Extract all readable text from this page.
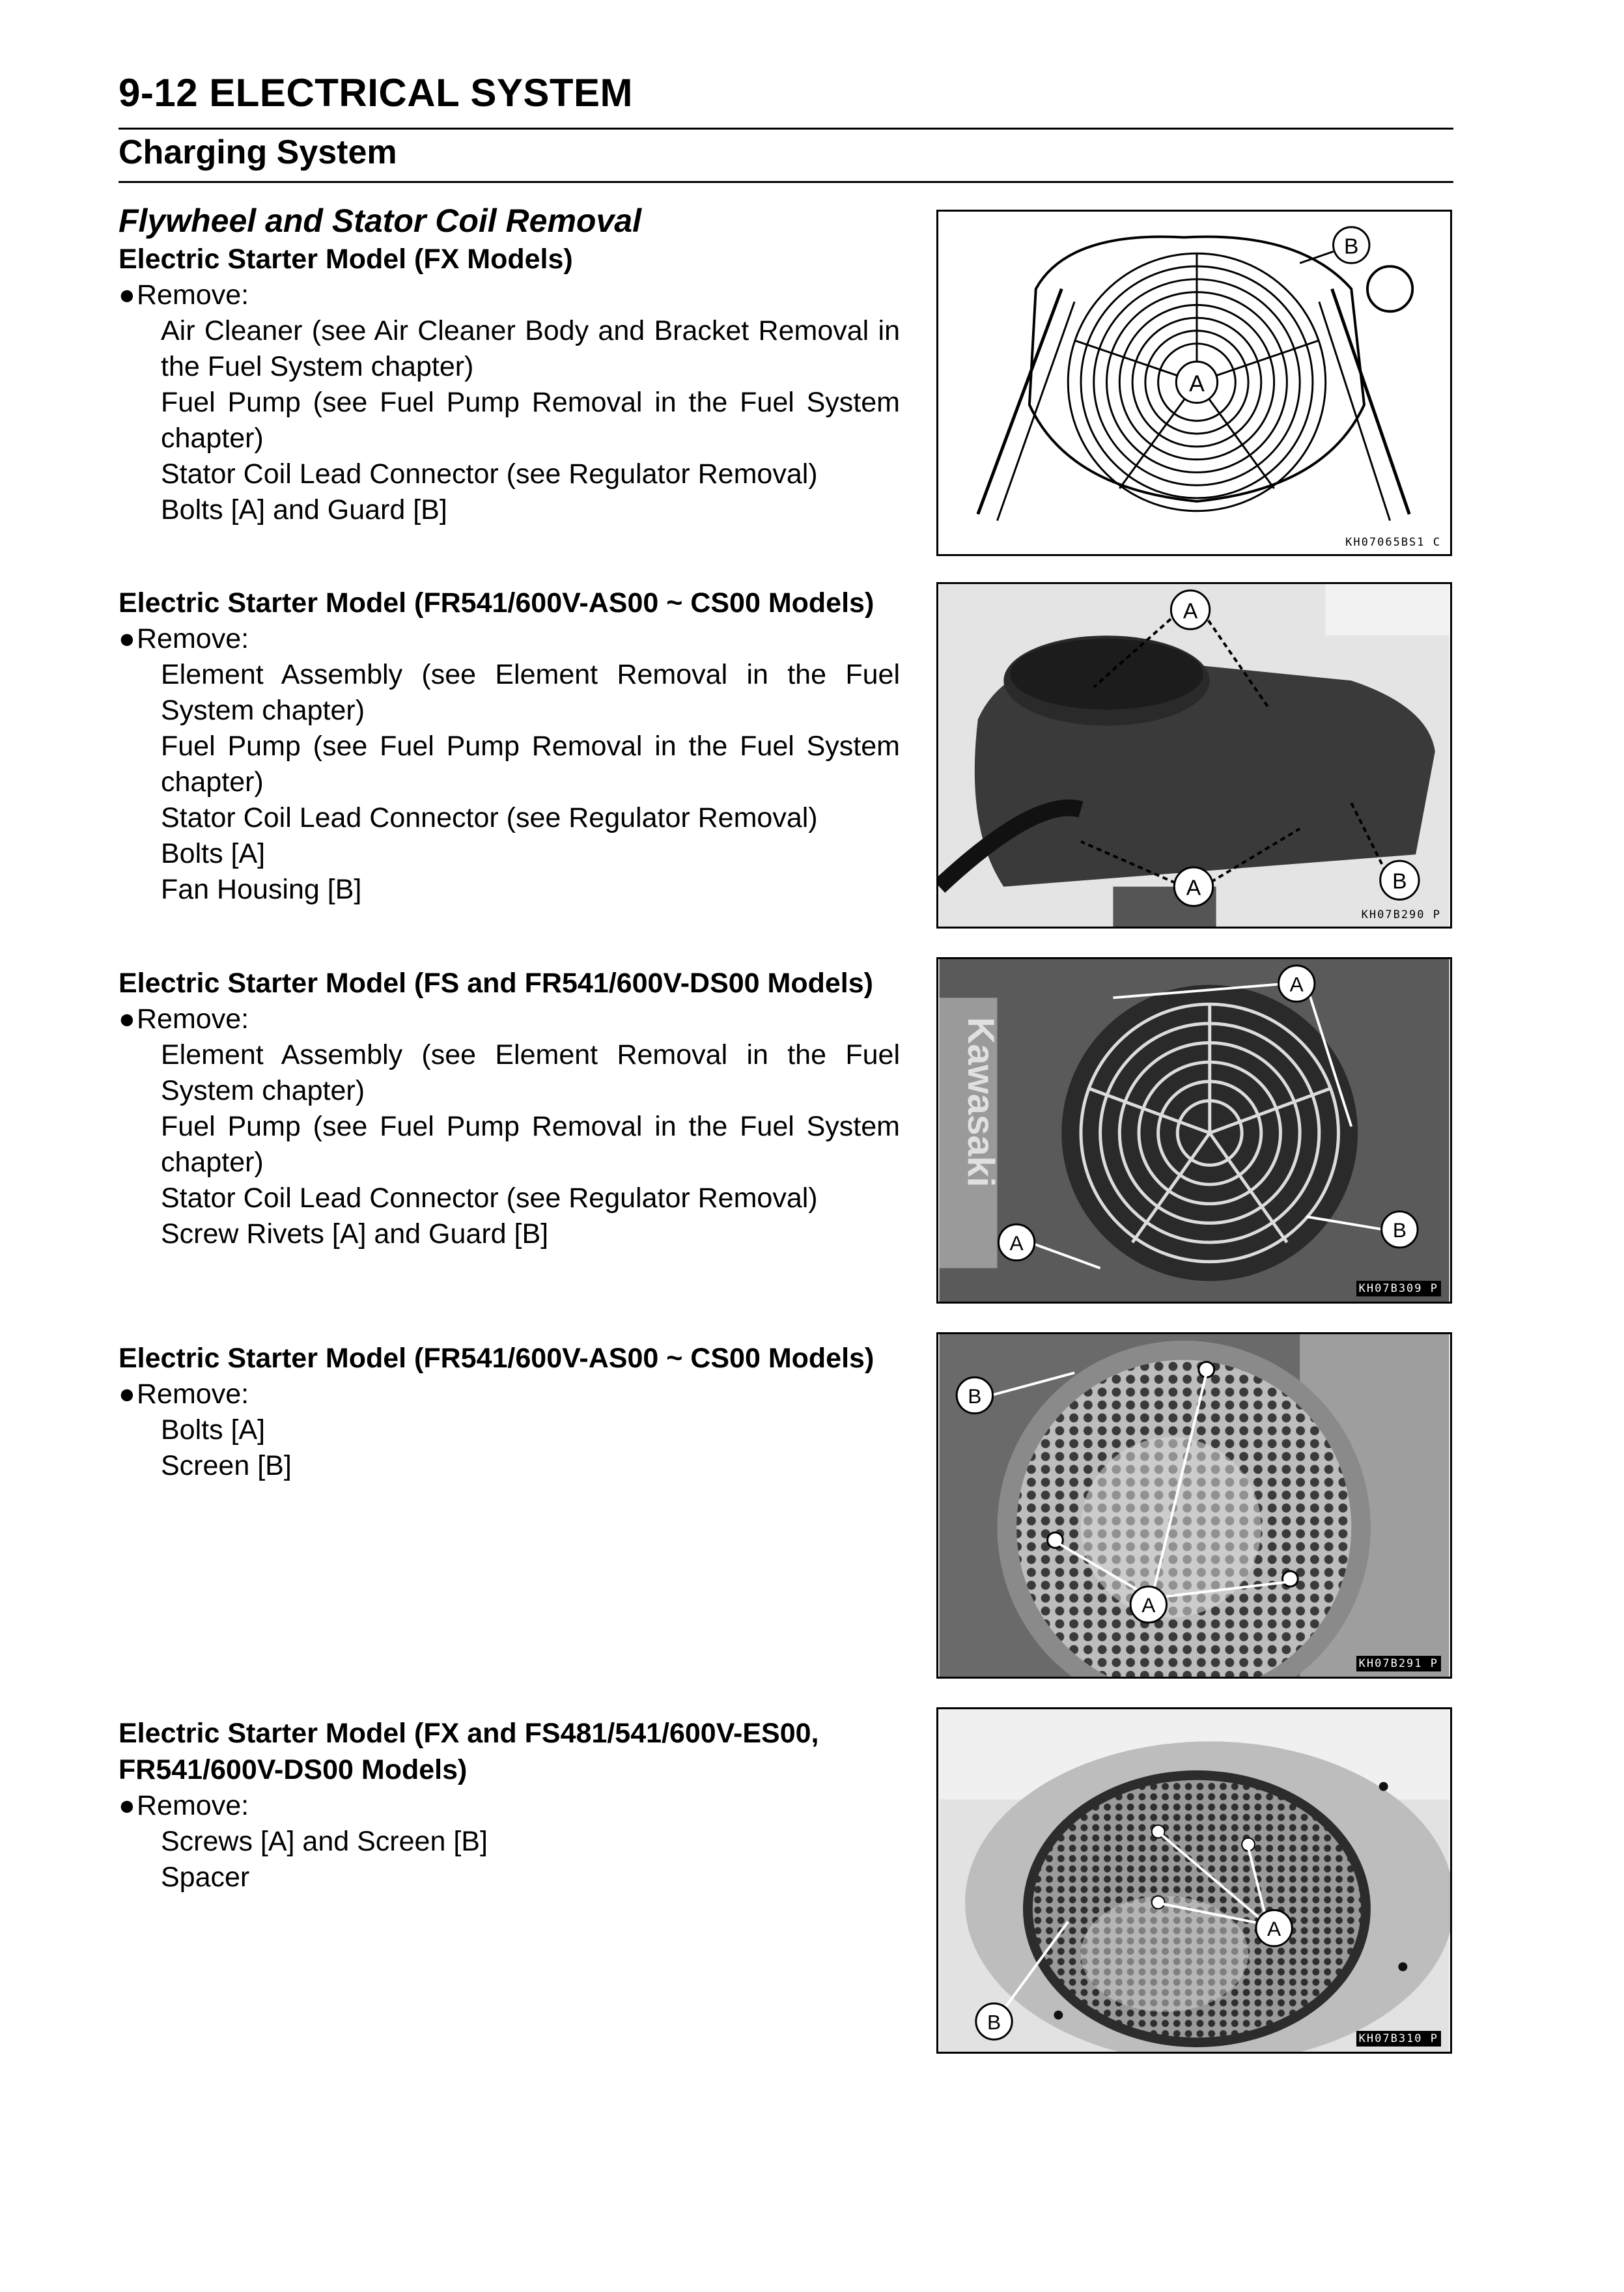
9-12 ELECTRICAL SYSTEM
Charging System
Flywheel and Stator Coil Removal
Electric Starter Model (FX Models)
●Remove:
Air Cleaner (see Air Cleaner Body and Bracket Removal in the Fuel System chapter)
Fuel Pump (see Fuel Pump Removal in the Fuel System chapter)
Stator Coil Lead Connector (see Regulator Removal)
Bolts [A] and Guard [B]
Electric Starter Model (FR541/600V-AS00 ~ CS00 Models)
●Remove:
Element Assembly (see Element Removal in the Fuel System chapter)
Fuel Pump (see Fuel Pump Removal in the Fuel System chapter)
Stator Coil Lead Connector (see Regulator Removal)
Bolts [A]
Fan Housing [B]
Electric Starter Model (FS and FR541/600V-DS00 Models)
●Remove:
Element Assembly (see Element Removal in the Fuel System chapter)
Fuel Pump (see Fuel Pump Removal in the Fuel System chapter)
Stator Coil Lead Connector (see Regulator Removal)
Screw Rivets [A] and Guard [B]
Electric Starter Model (FR541/600V-AS00 ~ CS00 Models)
●Remove:
Bolts [A]
Screen [B]
Electric Starter Model (FX and FS481/541/600V-ES00, FR541/600V-DS00 Models)
●Remove:
Screws [A] and Screen [B]
Spacer
A
B
KH07065BS1 C
A
A	B
KH07B290 P
Kawasaki
A
A
B
KH07B309 P
B
A
KH07B291 P
A
B
KH07B310 P
